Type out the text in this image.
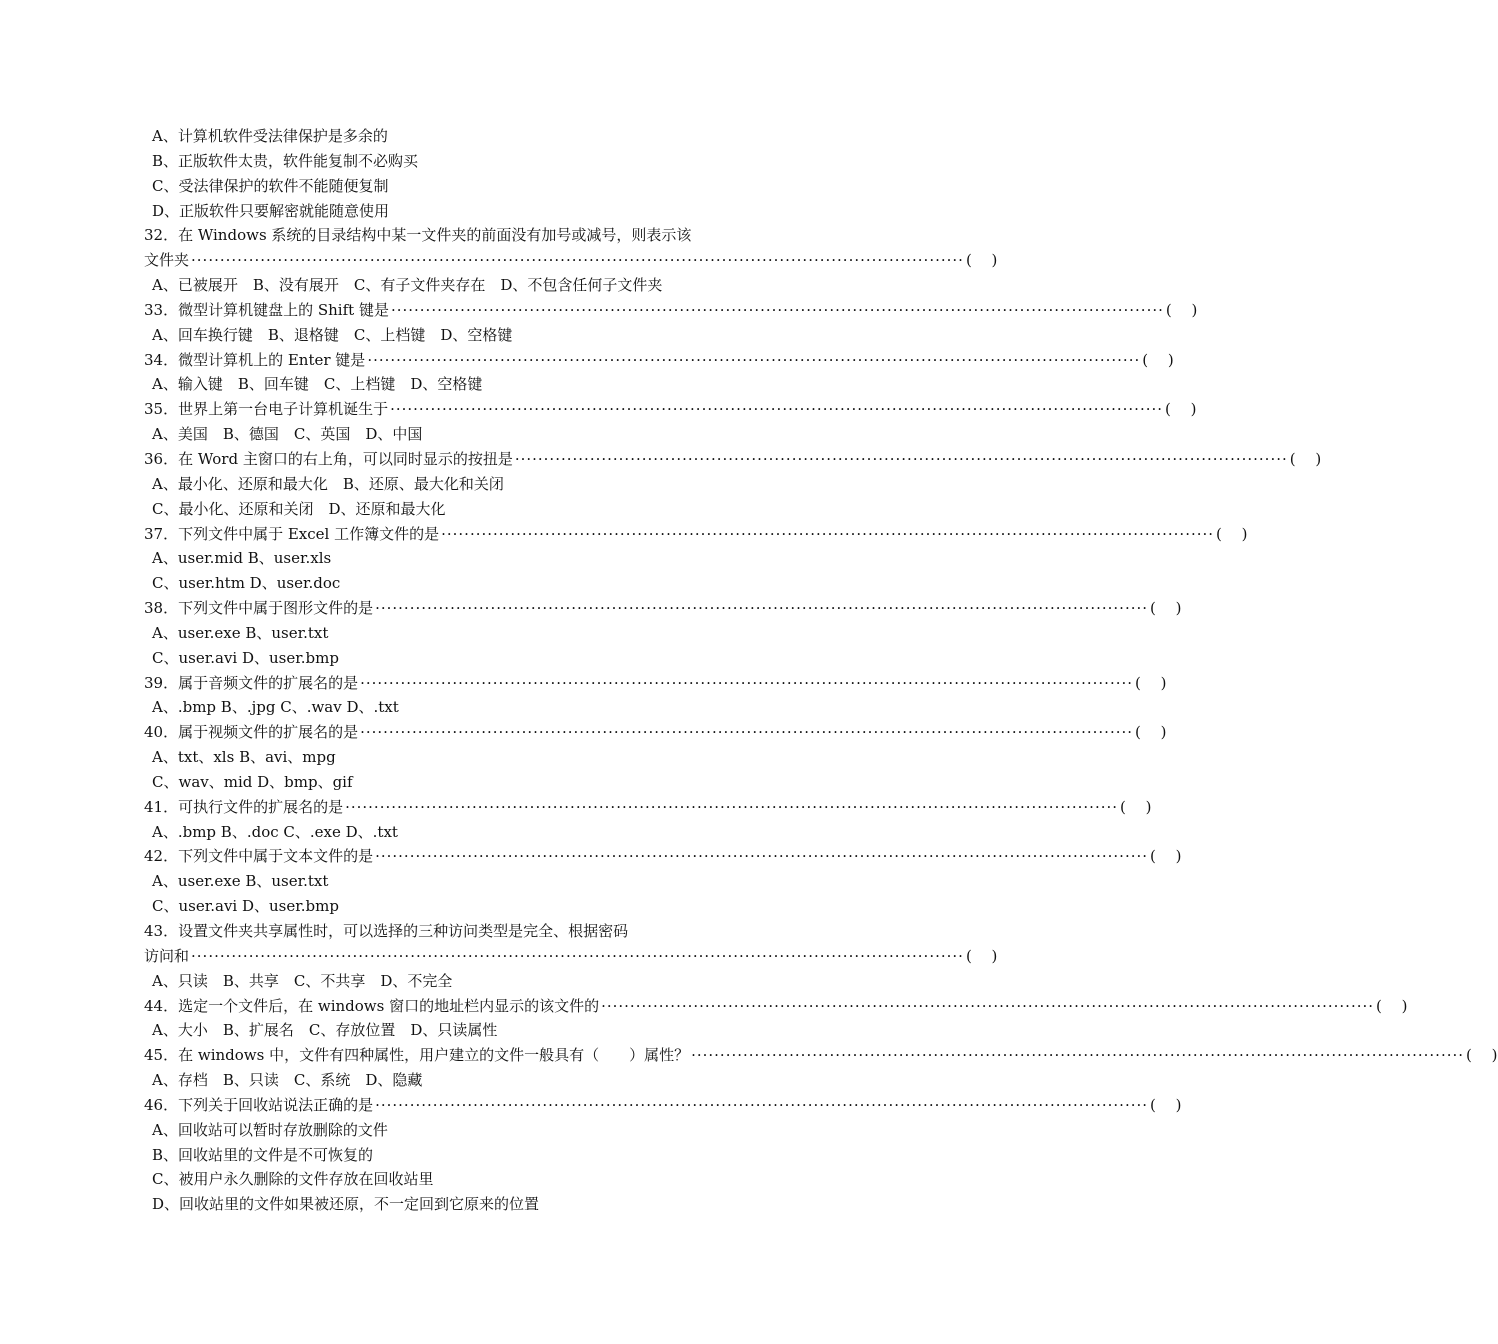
A、计算机软件受法律保护是多余的
B、正版软件太贵，软件能复制不必购买
C、受法律保护的软件不能随便复制
D、正版软件只要解密就能随意使用
32．在 Windows 系统的目录结构中某一文件夹的前面没有加号或减号，则表示该
文件夹 ······································································································································ (　 )
A、已被展开　B、没有展开　C、有子文件夹存在　D、不包含任何子文件夹
33．微型计算机键盘上的 Shift 键是 ······································································································································ (　 )
A、回车换行键　B、退格键　C、上档键　D、空格键
34．微型计算机上的 Enter 键是 ······································································································································ (　 )
A、输入键　B、回车键　C、上档键　D、空格键
35．世界上第一台电子计算机诞生于 ······································································································································ (　 )
A、美国　B、德国　C、英国　D、中国
36．在 Word 主窗口的右上角，可以同时显示的按扭是 ······································································································································ (　 )
A、最小化、还原和最大化　B、还原、最大化和关闭
C、最小化、还原和关闭　D、还原和最大化
37．下列文件中属于 Excel 工作簿文件的是 ······································································································································ (　 )
A、user.mid B、user.xls
C、user.htm D、user.doc
38．下列文件中属于图形文件的是 ······································································································································ (　 )
A、user.exe B、user.txt
C、user.avi D、user.bmp
39．属于音频文件的扩展名的是 ······································································································································ (　 )
A、.bmp B、.jpg C、.wav D、.txt
40．属于视频文件的扩展名的是 ······································································································································ (　 )
A、txt、xls B、avi、mpg
C、wav、mid D、bmp、gif
41．可执行文件的扩展名的是 ······································································································································ (　 )
A、.bmp B、.doc C、.exe D、.txt
42．下列文件中属于文本文件的是 ······································································································································ (　 )
A、user.exe B、user.txt
C、user.avi D、user.bmp
43．设置文件夹共享属性时，可以选择的三种访问类型是完全、根据密码
访问和 ······································································································································ (　 )
A、只读　B、共享　C、不共享　D、不完全
44．选定一个文件后，在 windows 窗口的地址栏内显示的该文件的 ······································································································································ (　 )
A、大小　B、扩展名　C、存放位置　D、只读属性
45．在 windows 中，文件有四种属性，用户建立的文件一般具有（　　）属性？ ······································································································································ (　 )
A、存档　B、只读　C、系统　D、隐藏
46．下列关于回收站说法正确的是 ······································································································································ (　 )
A、回收站可以暂时存放删除的文件
B、回收站里的文件是不可恢复的
C、被用户永久删除的文件存放在回收站里
D、回收站里的文件如果被还原，不一定回到它原来的位置
